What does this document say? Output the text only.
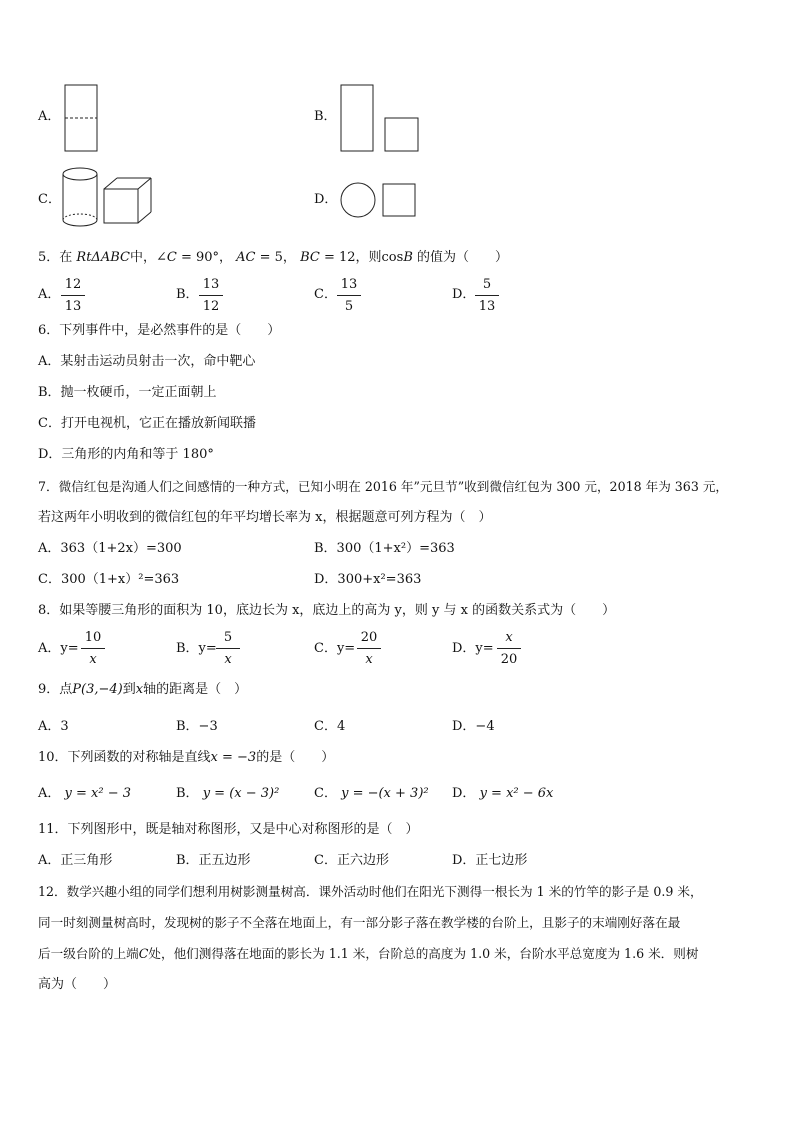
A．	B．
C．	D．
5．在 RtΔABC中，∠C = 90°， AC = 5， BC = 12，则cosB 的值为（　　）
A．
12
13
B．
13
12
C．
13
5
D．
5
13
6．下列事件中，是必然事件的是（　　）
A．某射击运动员射击一次，命中靶心
B．抛一枚硬币，一定正面朝上
C．打开电视机，它正在播放新闻联播
D．三角形的内角和等于 180°
7．微信红包是沟通人们之间感情的一种方式，已知小明在 2016 年”元旦节”收到微信红包为 300 元，2018 年为 363 元，
若这两年小明收到的微信红包的年平均增长率为 x，根据题意可列方程为（　）
A．363（1+2x）=300	B．300（1+x²）=363
C．300（1+x）²=363	D．300+x²=363
8．如果等腰三角形的面积为 10，底边长为 x，底边上的高为 y，则 y 与 x 的函数关系式为（　　）
A．y=
10
x
B．y=
5
x
C．y=
20
x
D．y=
x
20
9．点P(3,−4)到x轴的距离是（　）
A．3	B．−3	C．4	D．−4
10．下列函数的对称轴是直线x = −3的是（　　）
A． y = x² − 3	B． y = (x − 3)²	C． y = −(x + 3)² D． y = x² − 6x
11．下列图形中，既是轴对称图形，又是中心对称图形的是（　）
A．正三角形	B．正五边形	C．正六边形	D．正七边形
12．数学兴趣小组的同学们想利用树影测量树高．课外活动时他们在阳光下测得一根长为 1 米的竹竿的影子是 0.9 米，
同一时刻测量树高时，发现树的影子不全落在地面上，有一部分影子落在教学楼的台阶上，且影子的末端刚好落在最
后一级台阶的上端C处，他们测得落在地面的影长为 1.1 米，台阶总的高度为 1.0 米，台阶水平总宽度为 1.6 米．则树
高为（　　）
